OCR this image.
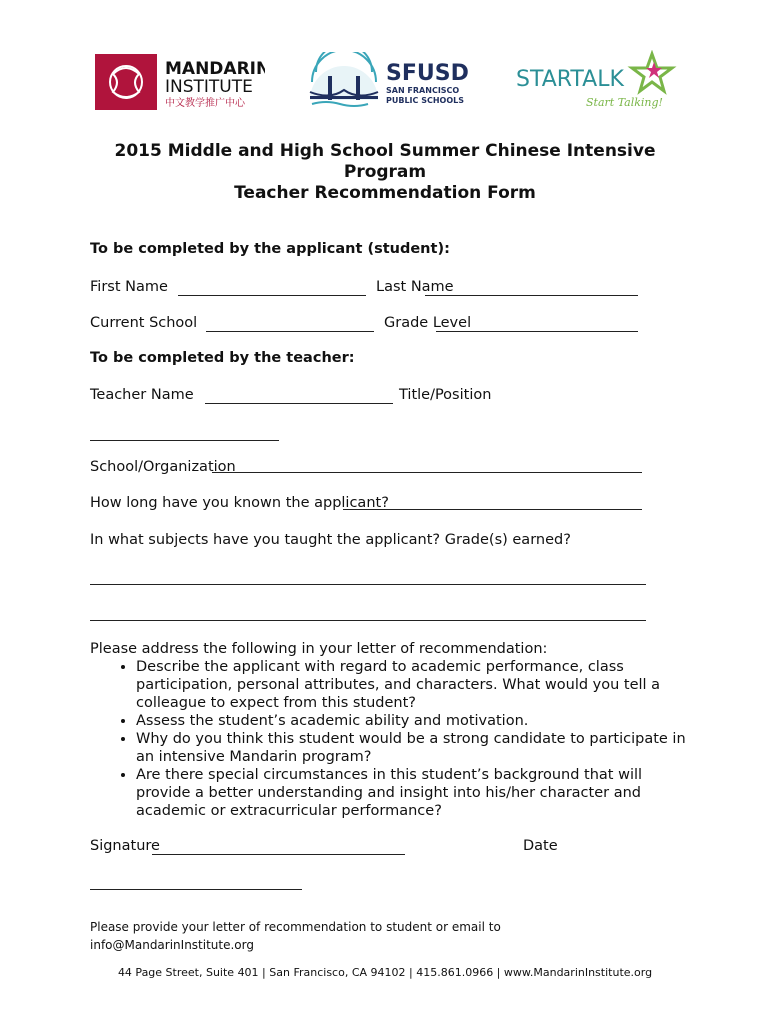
MANDARIN
INSTITUTE
中文教学推广中心
SFUSD
SAN FRANCISCO
PUBLIC SCHOOLS
STARTALK
Start Talking!
2015 Middle and High School Summer Chinese Intensive
Program
Teacher Recommendation Form
To be completed by the applicant (student):
First Name	Last Name
Current School	Grade Level
To be completed by the teacher:
Teacher Name	Title/Position
School/Organization
How long have you known the applicant?
In what subjects have you taught the applicant? Grade(s) earned?
Please address the following in your letter of recommendation:
• Describe the applicant with regard to academic performance, class participation, personal attributes, and characters. What would you tell a colleague to expect from this student?
• Assess the student’s academic ability and motivation.
• Why do you think this student would be a strong candidate to participate in an intensive Mandarin program?
• Are there special circumstances in this student’s background that will provide a better understanding and insight into his/her character and academic or extracurricular performance?
Signature	Date
Please provide your letter of recommendation to student or email to
info@MandarinInstitute.org
44 Page Street, Suite 401 | San Francisco, CA 94102 | 415.861.0966 | www.MandarinInstitute.org
